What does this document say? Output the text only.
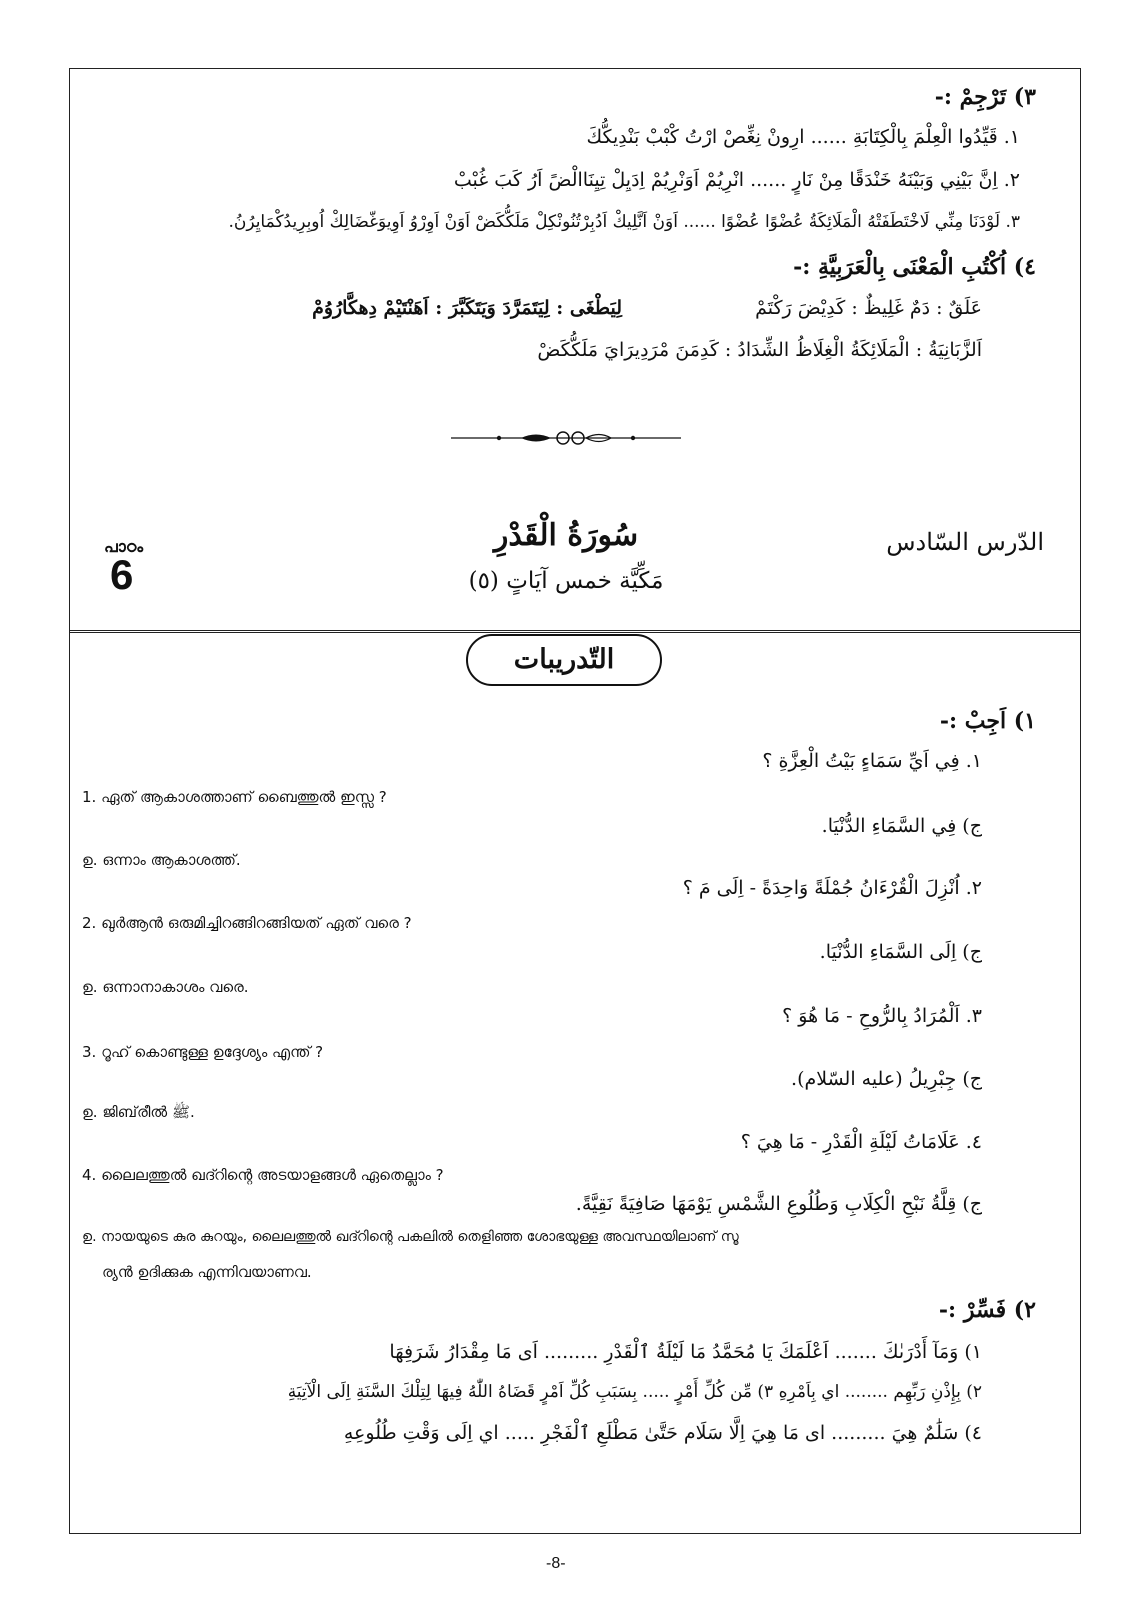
٣) تَرْجِمْ :-
١. قَيِّدُوا الْعِلْمَ بِالْكِتَابَةِ ...... ارِونْ نِغِّصْ ارْتُ كْبْبْ بَنْدِيكُّكَ
٢. اِنَّ بَيْنِي وَبَيْنَهُ خَنْدَقًا مِنْ نَارٍ ...... انْرِيُمْ اَوَنْرِيُمْ اِدَيِلْ تِيِنَاالْضً اَرُ كَبَ غُبْبْ
٣. لَوْدَنَا مِنِّي لَاخْتَطَفَتْهُ الْمَلَائِكَةُ عُضْوًا عُضْوًا ...... اَوَنْ اَنَّلِيكْ اَدُبِرْتُنُونْكِلْ مَلَكُّكَضْ اَوَنْ اَوِرْوُ اَوِيوَغّضَالِكْ اُوبِرِيدُكْمَايِرُنُ.
٤) اُكْتُبِ الْمَعْنَى بِالْعَرَبِيَّةِ :-
عَلَقٌ : دَمٌ غَلِيظٌ : كَدِيْضَ رَكْتَمْ
لِيَطْغَى : لِيَتَمَرَّدَ وَيَتَكَبَّرَ : اَهَنْتَيْمْ دِهكَّارُوُمْ
اَلزَّبَانِيَةُ : الْمَلَائِكَةُ الْغِلَاظُ الشِّدَادُ : كَدِمَنَ مْرَدِيرَايَ مَلَكُّكَضْ
الدّرس السّادس
سُورَةُ الْقَدْرِ
مَكِّيَّة خمس آيَاتٍ (٥)
പാഠം
6
التّدريبات
١) اَجِبْ :-
١. فِي اَيِّ سَمَاءٍ بَيْتُ الْعِزَّةِ ؟
1. ഏത് ആകാശത്താണ് ബൈത്തുൽ ഇസ്സ ?
ج) فِي السَّمَاءِ الدُّنْيَا.
ഉ. ഒന്നാം ആകാശത്ത്.
٢. اُنْزِلَ الْقُرْءَانُ جُمْلَةً وَاحِدَةً - اِلَى مَ ؟
2. ഖുർആൻ ഒരുമിച്ചിറങ്ങിറങ്ങിയത് ഏത് വരെ ?
ج) اِلَى السَّمَاءِ الدُّنْيَا.
ഉ. ഒന്നാനാകാശം വരെ.
٣. اَلْمُرَادُ بِالرُّوحِ - مَا هُوَ ؟
3. റൂഹ് കൊണ്ടുള്ള ഉദ്ദേശ്യം എന്ത് ?
ج) جِبْرِيلُ (عليه السّلام).
ഉ. ജിബ്‌രീൽ ﷺ.
٤. عَلَامَاتُ لَيْلَةِ الْقَدْرِ - مَا هِيَ ؟
4. ലൈലത്തുൽ ഖദ്റിന്റെ അടയാളങ്ങൾ ഏതെല്ലാം ?
ج) قِلَّةُ نَبْحِ الْكِلَابِ وَطُلُوعِ الشَّمْسِ يَوْمَهَا صَافِيَةً نَقِيَّةً.
ഉ. നായയുടെ കുര കുറയും, ലൈലത്തുൽ ഖദ്റിന്റെ പകലിൽ തെളിഞ്ഞ ശോഭയുള്ള അവസ്ഥയിലാണ് സൂ
ര്യൻ ഉദിക്കുക എന്നിവയാണവ.
٢) فَسِّرْ :-
١) وَمَآ أَدْرَىٰكَ ....... اَعْلَمَكَ يَا مُحَمَّدُ مَا لَيْلَةُ ٱلْقَدْرِ ......... اَى مَا مِقْدَارُ شَرَفِهَا
٢) بِإِذْنِ رَبِّهِم ........ اي بِاَمْرِهِ ٣) مِّن كُلِّ أَمْرٍ ..... بِسَبَبِ كُلِّ اَمْرٍ قَضَاهُ اللّٰهُ فِيهَا لِتِلْكَ السَّنَةِ اِلَى الْآتِيَةِ
٤) سَلَٰمٌ هِيَ ......... اى مَا هِيَ اِلَّا سَلَام حَتَّىٰ مَطْلَعِ ٱلْفَجْرِ ..... اي اِلَى وَقْتِ طُلُوعِهِ
-8-
